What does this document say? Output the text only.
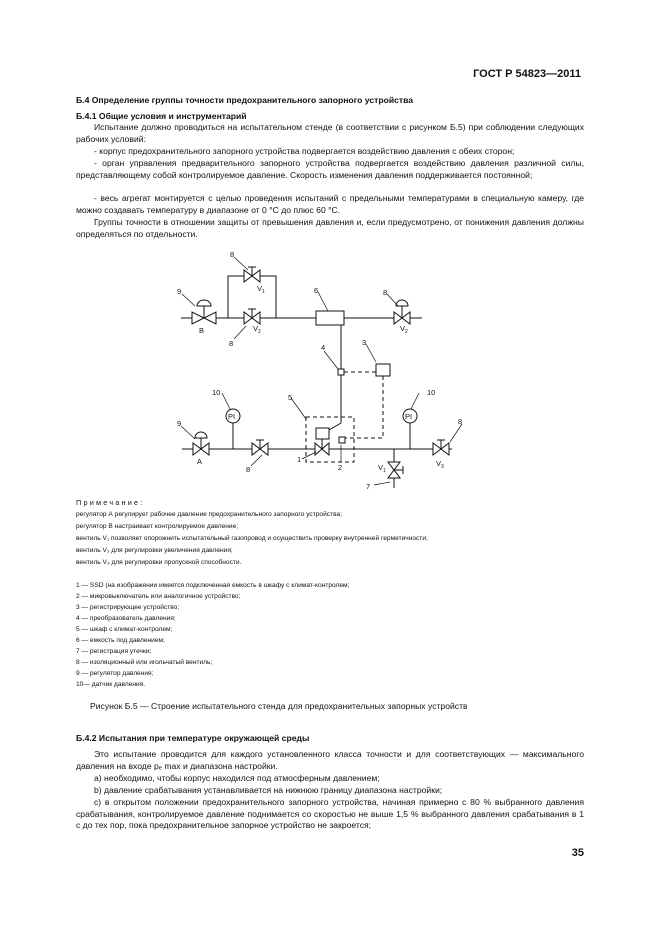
ГОСТ Р 54823—2011
Б.4 Определение группы точности предохранительного запорного устройства
Б.4.1 Общие условия и инструментарий
Испытание должно проводиться на испытательном стенде (в соответствии с рисунком Б.5) при соблюдении следующих рабочих условий:
- корпус предохранительного запорного устройства подвергается воздействию давления с обеих сторон;
- орган управления предварительного запорного устройства подвергается воздействию давления различной силы, представляющему собой контролируемое давление. Скорость изменения давления поддерживается постоянной;
- весь агрегат монтируется с целью проведения испытаний с предельными температурами в специальную камеру, где можно создавать температуру в диапазоне от 0 °С до плюс 60 °С.
Группы точности в отношении защиты от превышения давления и, если предусмотрено, от понижения давления должны определяться по отдельности.
8
$V_1$
9
В	$V_2$
8
6	8
$V_2$
4
3
10	10
PI	PI
5
9
А
8
1
2	$V_1$
7
8
$V_3$
Примечание:
регулятор А регулирует рабочее давление предохранительного запорного устройства;
регулятор В настраивает контролируемое давление;
вентиль V₁ позволяет опорожнить испытательный газопровод и осуществить проверку внутренней герметичности;
вентиль V₂ для регулировки увеличения давления;
вентиль V₃ для регулировки пропускной способности.
1 — SSD (на изображении имеется подключенная емкость в шкафу с климат-контролем;
2 — микровыключатель или аналогичное устройство;
3 — регистрирующее устройство;
4 — преобразователь давления;
5 — шкаф с климат-контролем;
6 — емкость под давлением;
7 — регистрация утечки;
8 — изоляционный или игольчатый вентиль;
9 — регулятор давления;
10— датчик давления.
Рисунок Б.5 — Строение испытательного стенда для предохранительных запорных устройств
Б.4.2 Испытания при температуре окружающей среды
Это испытание проводится для каждого установленного класса точности и для соответствующих — максимального давления на входе pₑ max и диапазона настройки.
а) необходимо, чтобы корпус находился под атмосферным давлением;
b) давление срабатывания устанавливается на нижнюю границу диапазона настройки;
с) в открытом положении предохранительного запорного устройства, начиная примерно с 80 % выбранного давления срабатывания, контролируемое давление поднимается со скоростью не выше 1,5 % выбранного давления срабатывания в 1 с до тех пор, пока предохранительное запорное устройство не закроется;
35
